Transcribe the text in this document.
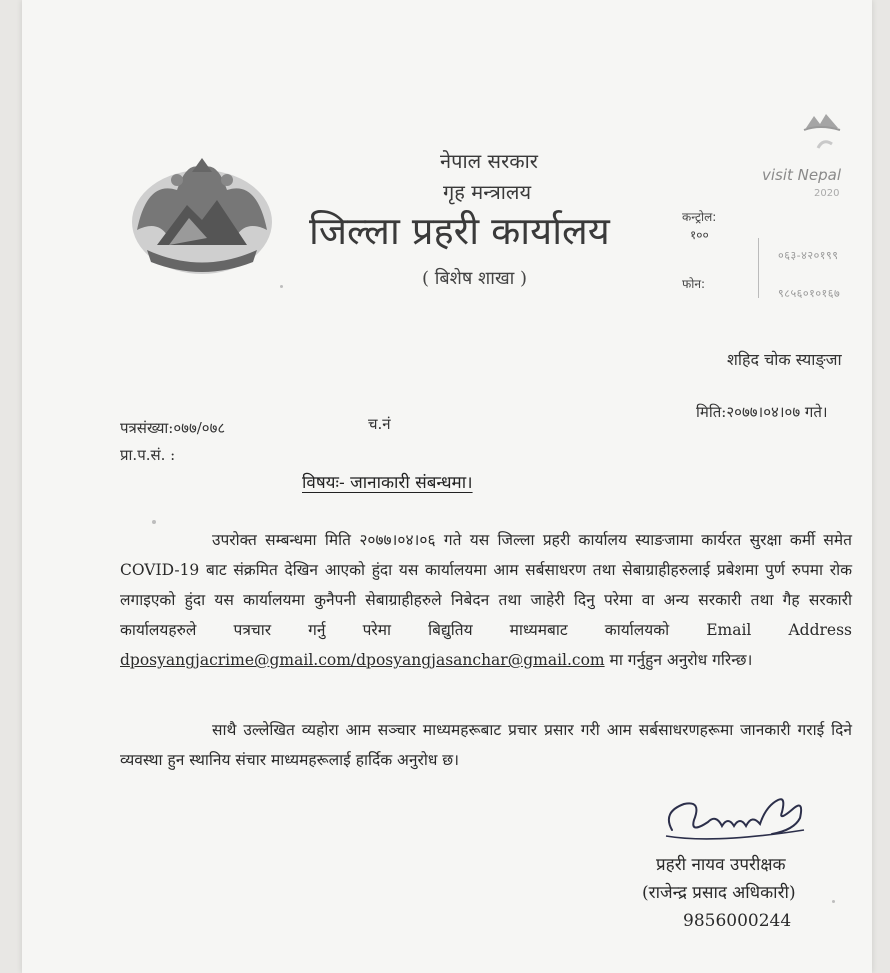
नेपाल सरकार
गृह मन्त्रालय
जिल्ला प्रहरी कार्यालय
( बिशेष शाखा )
visit Nepal
2020
कन्ट्रोल:
१००
०६३-४२०१९९
फोन:
९८५६०१०१६७
शहिद चोक स्याङ्जा
पत्रसंख्या:०७७/०७८	च.नं
मिति:२०७७।०४।०७ गते।
प्रा.प.सं. :
विषयः- जानाकारी संबन्धमा।

उपरोक्त सम्बन्धमा मिति २०७७।०४।०६ गते यस जिल्ला प्रहरी कार्यालय स्याङजामा कार्यरत सुरक्षा कर्मी समेत COVID-19 बाट संक्रमित देखिन आएको हुंदा यस कार्यालयमा आम सर्बसाधरण तथा सेबाग्राहीहरुलाई प्रबेशमा पुर्ण रुपमा रोक लगाइएको हुंदा यस कार्यालयमा कुनैपनी सेबाग्राहीहरुले निबेदन तथा जाहेरी दिनु परेमा वा अन्य सरकारी तथा गैह सरकारी कार्यालयहरुले पत्रचार गर्नु परेमा बिद्युतिय माध्यमबाट कार्यालयको Email Address dposyangjacrime@gmail.com/dposyangjasanchar@gmail.com मा गर्नुहुन अनुरोध गरिन्छ।

साथै उल्लेखित व्यहोरा आम सञ्चार माध्यमहरूबाट प्रचार प्रसार गरी आम सर्बसाधरणहरूमा जानकारी गराई दिने व्यवस्था हुन स्थानिय संचार माध्यमहरूलाई हार्दिक अनुरोध छ।

प्रहरी नायव उपरीक्षक
(राजेन्द्र प्रसाद अधिकारी)
9856000244
